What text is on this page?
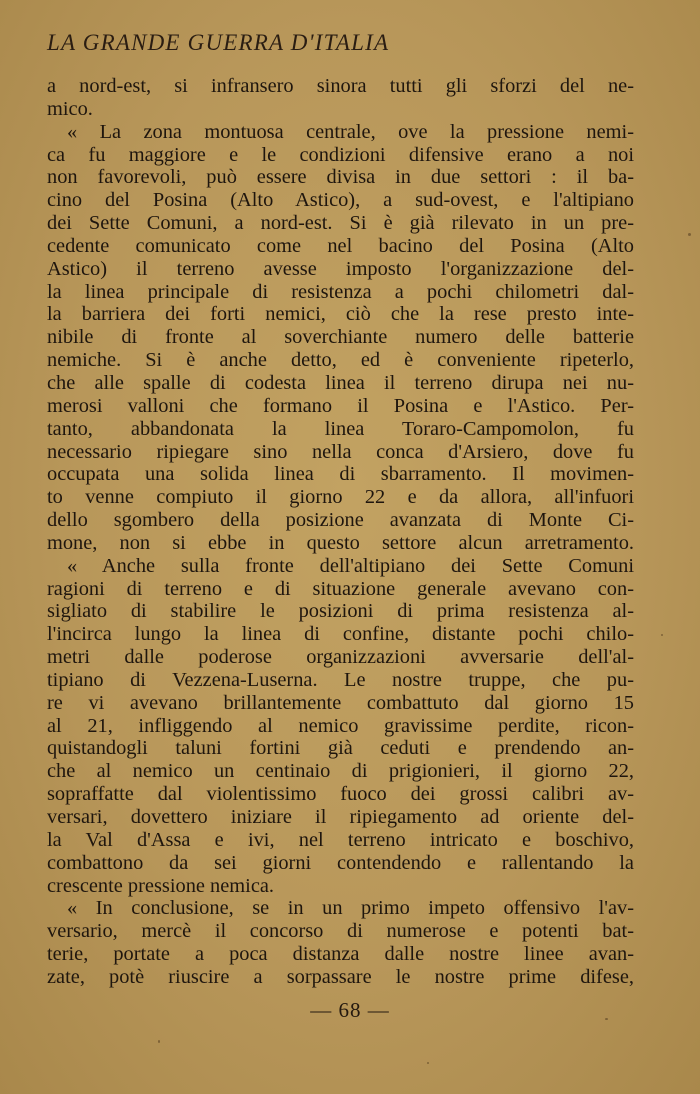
LA GRANDE GUERRA D'ITALIA
a nord-est, si infransero sinora tutti gli sforzi del ne-
mico.
« La zona montuosa centrale, ove la pressione nemi-
ca fu maggiore e le condizioni difensive erano a noi
non favorevoli, può essere divisa in due settori : il ba-
cino del Posina (Alto Astico), a sud-ovest, e l'altipiano
dei Sette Comuni, a nord-est. Si è già rilevato in un pre-
cedente comunicato come nel bacino del Posina (Alto
Astico) il terreno avesse imposto l'organizzazione del-
la linea principale di resistenza a pochi chilometri dal-
la barriera dei forti nemici, ciò che la rese presto inte-
nibile di fronte al soverchiante numero delle batterie
nemiche. Si è anche detto, ed è conveniente ripeterlo,
che alle spalle di codesta linea il terreno dirupa nei nu-
merosi valloni che formano il Posina e l'Astico. Per-
tanto, abbandonata la linea Toraro-Campomolon, fu
necessario ripiegare sino nella conca d'Arsiero, dove fu
occupata una solida linea di sbarramento. Il movimen-
to venne compiuto il giorno 22 e da allora, all'infuori
dello sgombero della posizione avanzata di Monte Ci-
mone, non si ebbe in questo settore alcun arretramento.
« Anche sulla fronte dell'altipiano dei Sette Comuni
ragioni di terreno e di situazione generale avevano con-
sigliato di stabilire le posizioni di prima resistenza al-
l'incirca lungo la linea di confine, distante pochi chilo-
metri dalle poderose organizzazioni avversarie dell'al-
tipiano di Vezzena-Luserna. Le nostre truppe, che pu-
re vi avevano brillantemente combattuto dal giorno 15
al 21, infliggendo al nemico gravissime perdite, ricon-
quistandogli taluni fortini già ceduti e prendendo an-
che al nemico un centinaio di prigionieri, il giorno 22,
sopraffatte dal violentissimo fuoco dei grossi calibri av-
versari, dovettero iniziare il ripiegamento ad oriente del-
la Val d'Assa e ivi, nel terreno intricato e boschivo,
combattono da sei giorni contendendo e rallentando la
crescente pressione nemica.
« In conclusione, se in un primo impeto offensivo l'av-
versario, mercè il concorso di numerose e potenti bat-
terie, portate a poca distanza dalle nostre linee avan-
zate, potè riuscire a sorpassare le nostre prime difese,
— 68 —
